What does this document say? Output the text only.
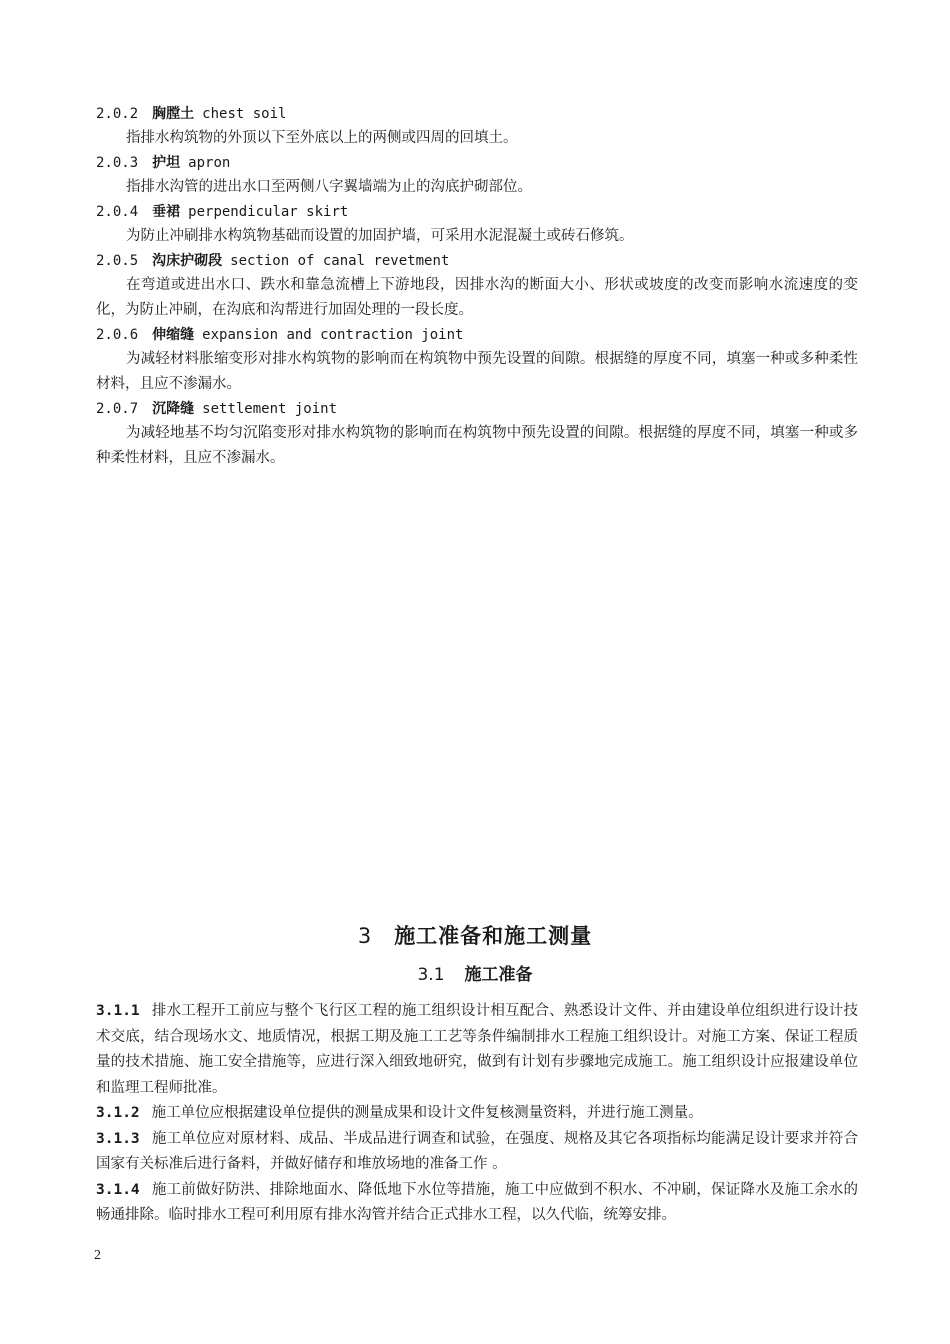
2.0.2 胸膛土 chest soil

指排水构筑物的外顶以下至外底以上的两侧或四周的回填土。

2.0.3 护坦 apron

指排水沟管的进出水口至两侧八字翼墙端为止的沟底护砌部位。

2.0.4 垂裙 perpendicular skirt

为防止冲刷排水构筑物基础而设置的加固护墙，可采用水泥混凝土或砖石修筑。

2.0.5 沟床护砌段 section of canal revetment

在弯道或进出水口、跌水和靠急流槽上下游地段，因排水沟的断面大小、形状或坡度的改变而影响水流速度的变化，为防止冲刷，在沟底和沟帮进行加固处理的一段长度。

2.0.6 伸缩缝 expansion and contraction joint

为减轻材料胀缩变形对排水构筑物的影响而在构筑物中预先设置的间隙。根据缝的厚度不同，填塞一种或多种柔性材料，且应不渗漏水。

2.0.7 沉降缝 settlement joint

为减轻地基不均匀沉陷变形对排水构筑物的影响而在构筑物中预先设置的间隙。根据缝的厚度不同，填塞一种或多种柔性材料，且应不渗漏水。

3 施工准备和施工测量
3.1 施工准备

3.1.1 排水工程开工前应与整个飞行区工程的施工组织设计相互配合、熟悉设计文件、并由建设单位组织进行设计技术交底，结合现场水文、地质情况，根据工期及施工工艺等条件编制排水工程施工组织设计。对施工方案、保证工程质量的技术措施、施工安全措施等，应进行深入细致地研究，做到有计划有步骤地完成施工。施工组织设计应报建设单位和监理工程师批准。

3.1.2 施工单位应根据建设单位提供的测量成果和设计文件复核测量资料，并进行施工测量。

3.1.3 施工单位应对原材料、成品、半成品进行调查和试验，在强度、规格及其它各项指标均能满足设计要求并符合国家有关标准后进行备料，并做好储存和堆放场地的准备工作 。

3.1.4 施工前做好防洪、排除地面水、降低地下水位等措施，施工中应做到不积水、不冲刷，保证降水及施工余水的畅通排除。临时排水工程可利用原有排水沟管并结合正式排水工程，以久代临，统筹安排。

2
